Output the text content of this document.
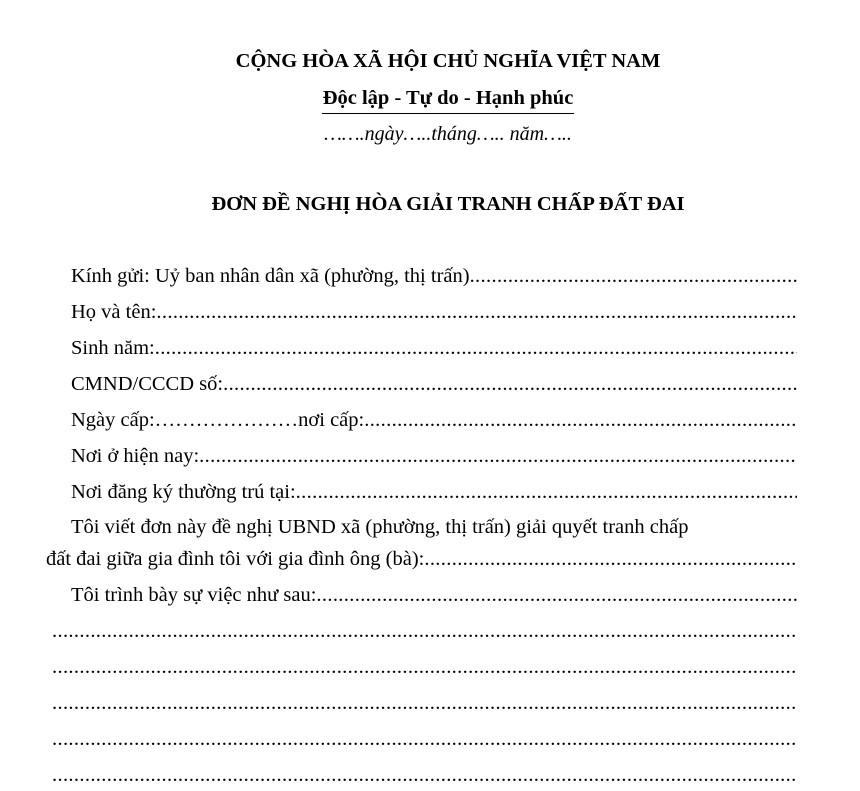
CỘNG HÒA XÃ HỘI CHỦ NGHĨA VIỆT NAM
Độc lập - Tự do - Hạnh phúc
…….ngày…..tháng….. năm…..
ĐƠN ĐỀ NGHỊ HÒA GIẢI TRANH CHẤP ĐẤT ĐAI
Kính gửi: Uỷ ban nhân dân xã (phường, thị trấn)
.....
Họ và tên:
.....
Sinh năm:
.....
CMND/CCCD số:
.....
Ngày cấp: ………………… nơi cấp:
.....
Nơi ở hiện nay:
.....
Nơi đăng ký thường trú tại:
.....
Tôi viết đơn này đề nghị UBND xã (phường, thị trấn) giải quyết tranh chấp
đất đai giữa gia đình tôi với gia đình ông (bà):
.....
Tôi trình bày sự việc như sau:
.....
.....
.....
.....
.....
.....
